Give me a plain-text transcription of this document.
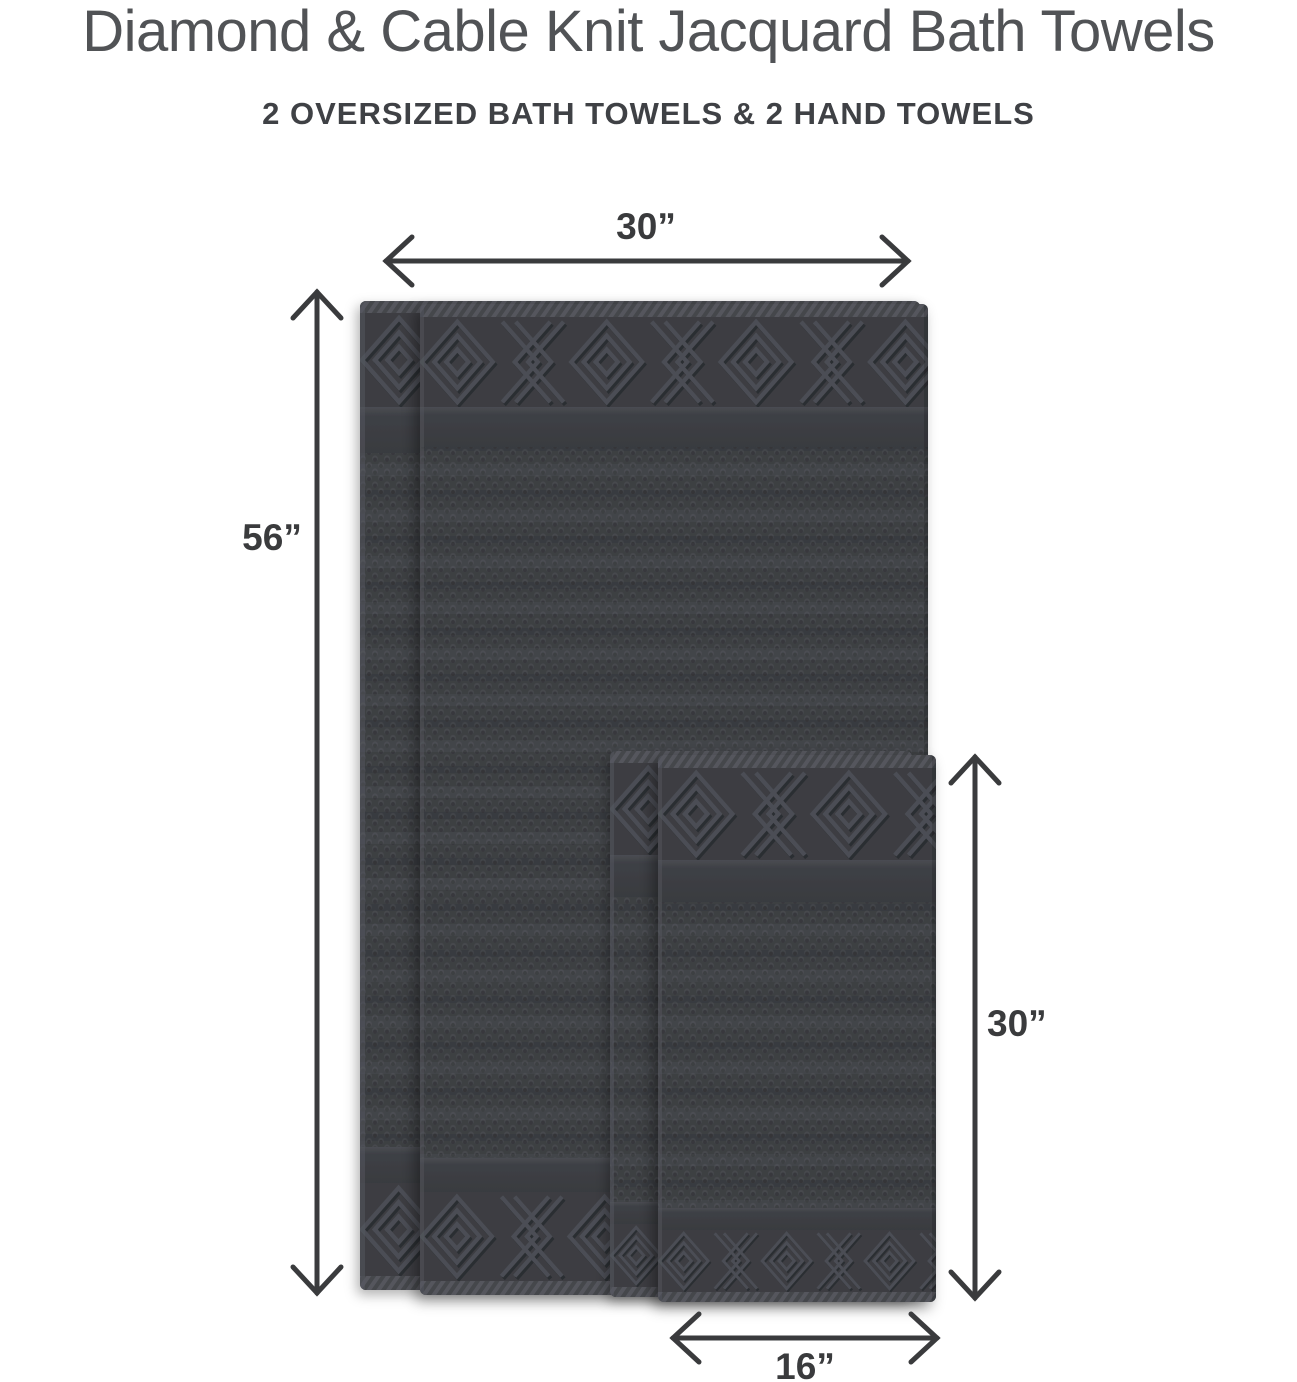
Diamond & Cable Knit Jacquard Bath Towels
2 OVERSIZED BATH TOWELS & 2 HAND TOWELS
30”
56”
30”
16”
